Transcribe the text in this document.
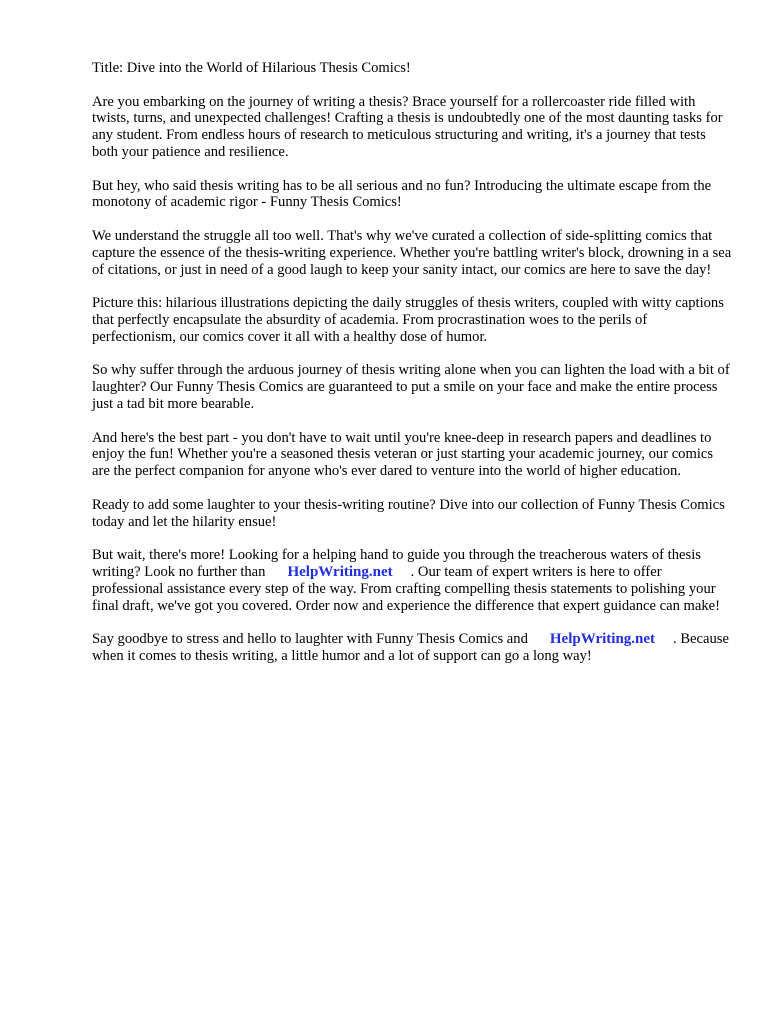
Title: Dive into the World of Hilarious Thesis Comics!

Are you embarking on the journey of writing a thesis? Brace yourself for a rollercoaster ride filled with twists, turns, and unexpected challenges! Crafting a thesis is undoubtedly one of the most daunting tasks for any student. From endless hours of research to meticulous structuring and writing, it's a journey that tests both your patience and resilience.

But hey, who said thesis writing has to be all serious and no fun? Introducing the ultimate escape from the monotony of academic rigor - Funny Thesis Comics!

We understand the struggle all too well. That's why we've curated a collection of side-splitting comics that capture the essence of the thesis-writing experience. Whether you're battling writer's block, drowning in a sea of citations, or just in need of a good laugh to keep your sanity intact, our comics are here to save the day!

Picture this: hilarious illustrations depicting the daily struggles of thesis writers, coupled with witty captions that perfectly encapsulate the absurdity of academia. From procrastination woes to the perils of perfectionism, our comics cover it all with a healthy dose of humor.

So why suffer through the arduous journey of thesis writing alone when you can lighten the load with a bit of laughter? Our Funny Thesis Comics are guaranteed to put a smile on your face and make the entire process just a tad bit more bearable.

And here's the best part - you don't have to wait until you're knee-deep in research papers and deadlines to enjoy the fun! Whether you're a seasoned thesis veteran or just starting your academic journey, our comics are the perfect companion for anyone who's ever dared to venture into the world of higher education.

Ready to add some laughter to your thesis-writing routine? Dive into our collection of Funny Thesis Comics today and let the hilarity ensue!

But wait, there's more! Looking for a helping hand to guide you through the treacherous waters of thesis writing? Look no further than HelpWriting.net . Our team of expert writers is here to offer professional assistance every step of the way. From crafting compelling thesis statements to polishing your final draft, we've got you covered. Order now and experience the difference that expert guidance can make!

Say goodbye to stress and hello to laughter with Funny Thesis Comics and HelpWriting.net . Because when it comes to thesis writing, a little humor and a lot of support can go a long way!
